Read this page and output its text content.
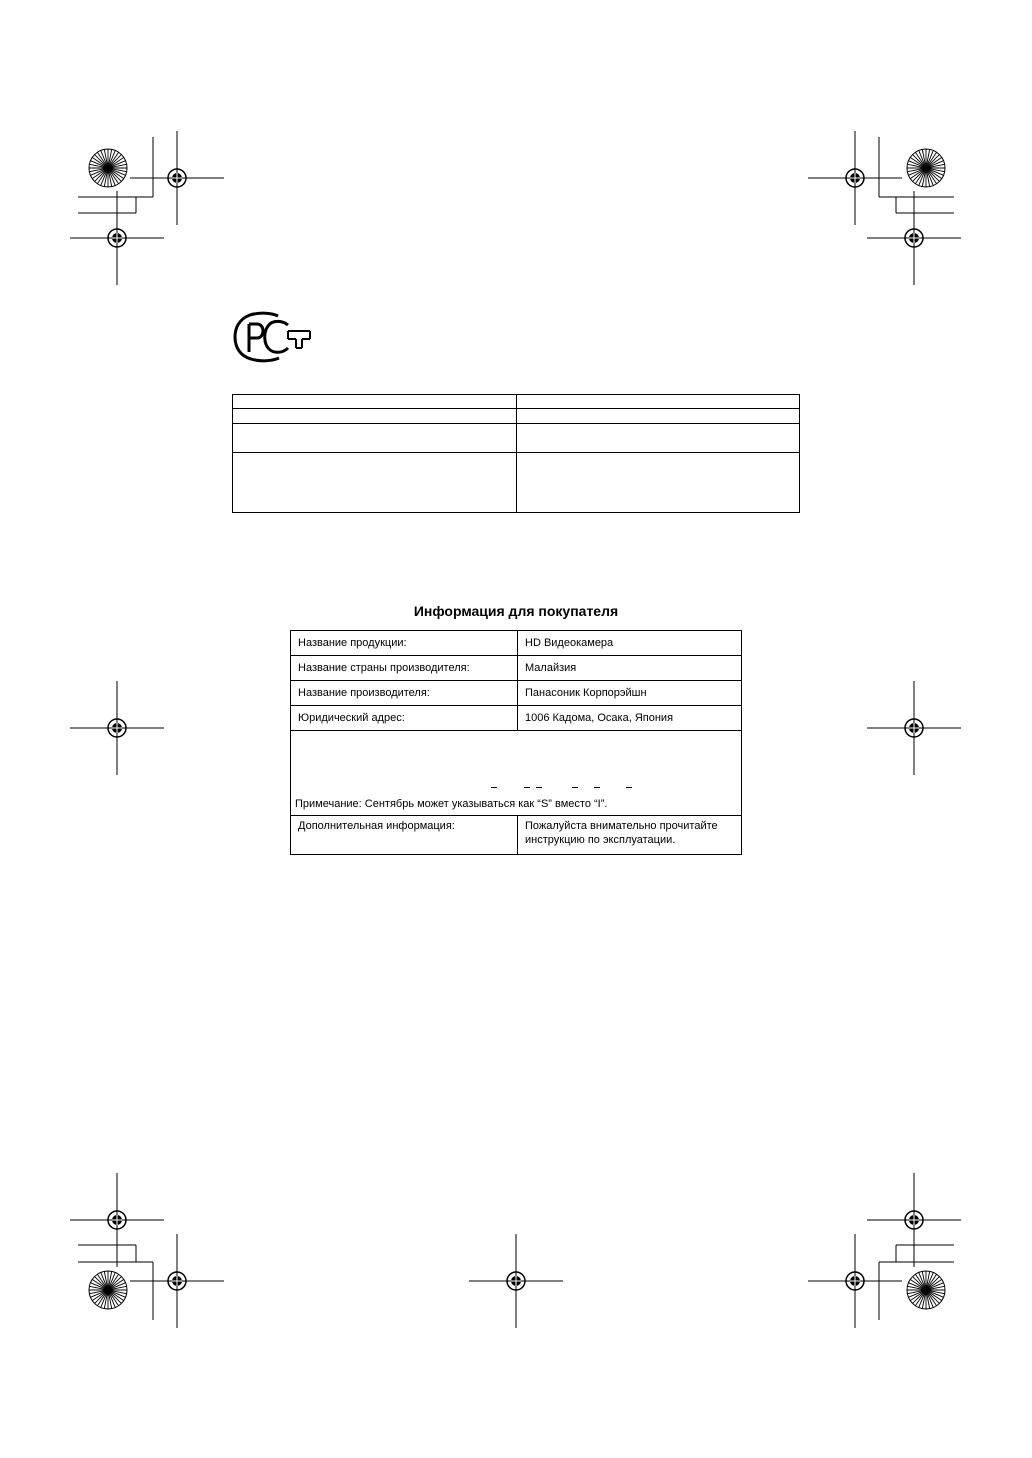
Информация для покупателя
Название продукции:	HD Видеокамера
Название страны производителя:	Малайзия
Название производителя:	Панасоник Корпорэйшн
Юридический адрес:	1006 Кадома, Осака, Япония

Примечание: Сентябрь может указываться как “S” вместо “I”.	
Дополнительная информация:	Пожалуйста внимательно прочитайте инструкцию по эксплуатации.
